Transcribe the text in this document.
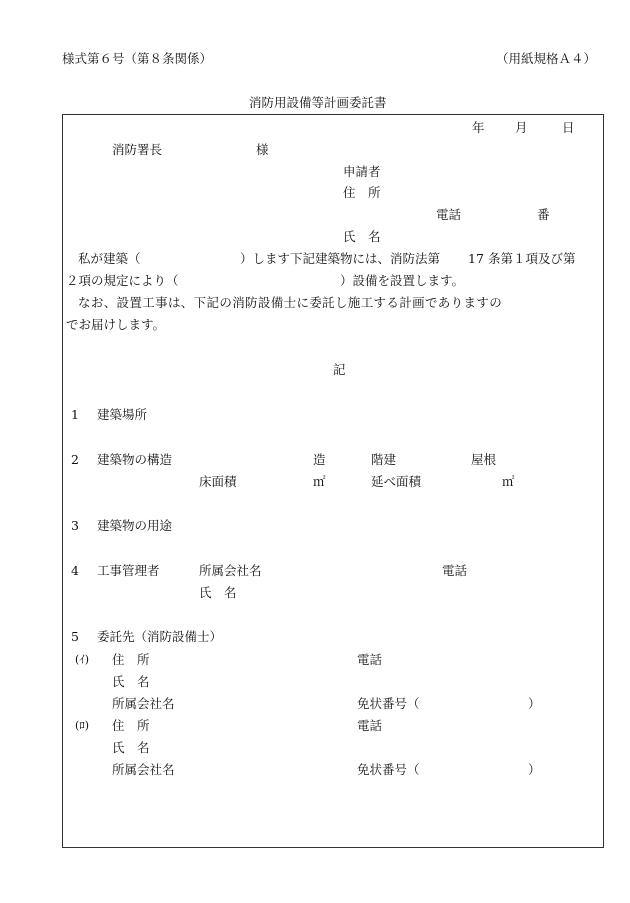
様式第６号（第８条関係）	（用紙規格Ａ４）
消防用設備等計画委託書
年 月	日
消防署長	様
申請者
住　所
電話	番
氏　名
私が建築（	）します下記建築物には、消防法第 17 条第１項及び第
２項の規定により（	）設備を設置します。
なお、設置工事は、下記の消防設備士に委託し施工する計画でありますの
でお届けします。
記
1 建築場所
2 建築物の構造	造	階建	屋根
床面積	㎡	延べ面積	㎡
3 建築物の用途
4 工事管理者	所属会社名	電話
氏　名
5 委託先（消防設備士）
(ｲ) 住　所	電話
氏　名
所属会社名	免状番号（	）
(ﾛ) 住　所	電話
氏　名
所属会社名	免状番号（	）
